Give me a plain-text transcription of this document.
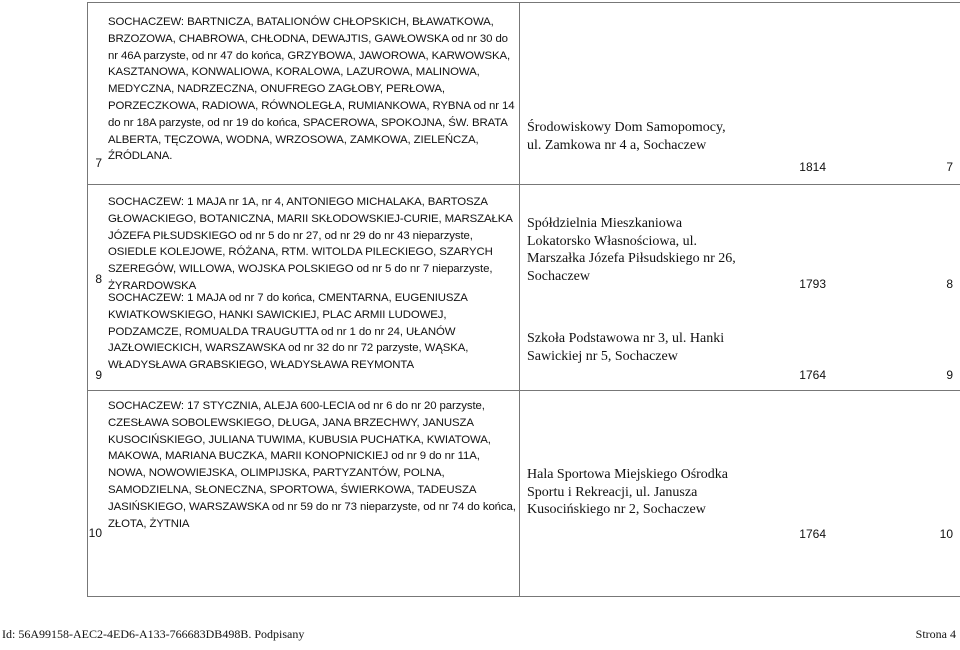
7

SOCHACZEW: BARTNICZA, BATALIONÓW CHŁOPSKICH, BŁAWATKOWA, BRZOZOWA, CHABROWA, CHŁODNA, DEWAJTIS, GAWŁOWSKA od nr 30 do nr 46A parzyste, od nr 47 do końca, GRZYBOWA, JAWOROWA, KARWOWSKA, KASZTANOWA, KONWALIOWA, KORALOWA, LAZUROWA, MALINOWA, MEDYCZNA, NADRZECZNA, ONUFREGO ZAGŁOBY, PERŁOWA, PORZECZKOWA, RADIOWA, RÓWNOLEGŁA, RUMIANKOWA, RYBNA od nr 14 do nr 18A parzyste, od nr 19 do końca, SPACEROWA, SPOKOJNA, ŚW. BRATA ALBERTA, TĘCZOWA, WODNA, WRZOSOWA, ZAMKOWA, ZIELEŃCZA, ŹRÓDLANA.

Środowiskowy Dom Samopomocy, ul. Zamkowa nr 4 a, Sochaczew
1814	7
8

SOCHACZEW: 1 MAJA nr 1A, nr 4, ANTONIEGO MICHALAKA, BARTOSZA GŁOWACKIEGO, BOTANICZNA, MARII SKŁODOWSKIEJ-CURIE, MARSZAŁKA JÓZEFA PIŁSUDSKIEGO od nr 5 do nr 27, od nr 29 do nr 43 nieparzyste, OSIEDLE KOLEJOWE, RÓŻANA, RTM. WITOLDA PILECKIEGO, SZARYCH SZEREGÓW, WILLOWA, WOJSKA POLSKIEGO od nr 5 do nr 7 nieparzyste, ŻYRARDOWSKA

Spółdzielnia Mieszkaniowa Lokatorsko Własnościowa, ul. Marszałka Józefa Piłsudskiego nr 26, Sochaczew
1793	8
9

SOCHACZEW: 1 MAJA od nr 7 do końca, CMENTARNA, EUGENIUSZA KWIATKOWSKIEGO, HANKI SAWICKIEJ, PLAC ARMII LUDOWEJ, PODZAMCZE, ROMUALDA TRAUGUTTA od nr 1 do nr 24, UŁANÓW JAZŁOWIECKICH, WARSZAWSKA od nr 32 do nr 72 parzyste, WĄSKA, WŁADYSŁAWA GRABSKIEGO, WŁADYSŁAWA REYMONTA

Szkoła Podstawowa nr 3, ul. Hanki Sawickiej nr 5, Sochaczew
1764	9
10

SOCHACZEW: 17 STYCZNIA, ALEJA 600-LECIA od nr 6 do nr 20 parzyste, CZESŁAWA SOBOLEWSKIEGO, DŁUGA, JANA BRZECHWY, JANUSZA KUSOCIŃSKIEGO, JULIANA TUWIMA, KUBUSIA PUCHATKA, KWIATOWA, MAKOWA, MARIANA BUCZKA, MARII KONOPNICKIEJ od nr 9 do nr 11A, NOWA, NOWOWIEJSKA, OLIMPIJSKA, PARTYZANTÓW, POLNA, SAMODZIELNA, SŁONECZNA, SPORTOWA, ŚWIERKOWA, TADEUSZA JASIŃSKIEGO, WARSZAWSKA od nr 59 do nr 73 nieparzyste, od nr 74 do końca, ZŁOTA, ŻYTNIA

Hala Sportowa Miejskiego Ośrodka Sportu i Rekreacji, ul. Janusza Kusocińskiego nr 2, Sochaczew
1764	10
Id: 56A99158-AEC2-4ED6-A133-766683DB498B. Podpisany	Strona 4
